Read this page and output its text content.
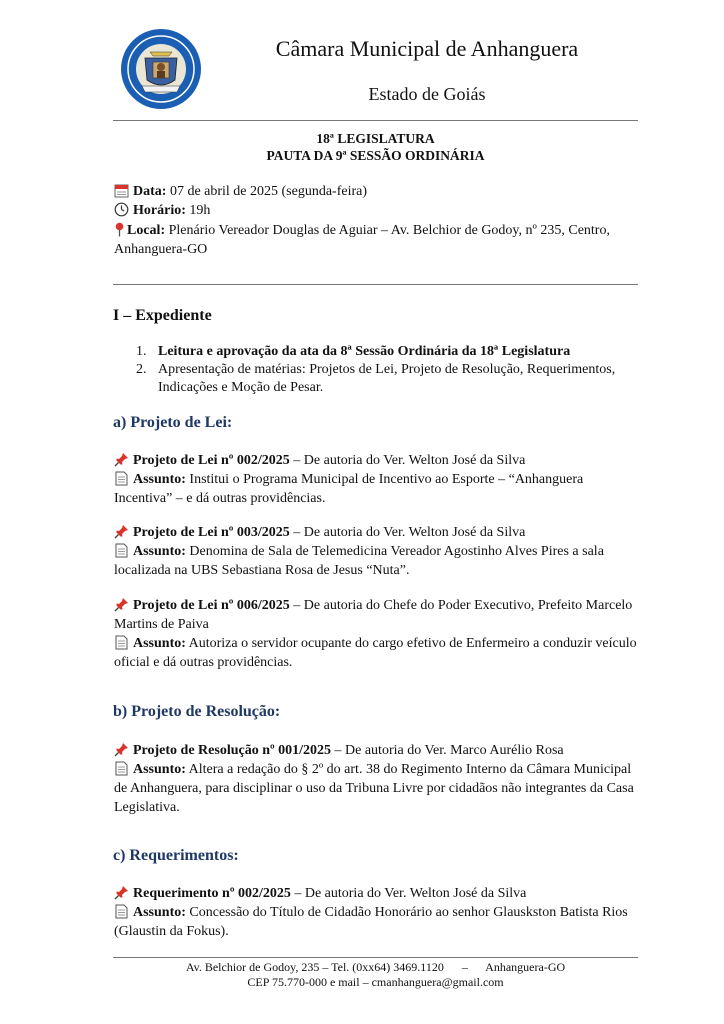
Câmara Municipal de Anhanguera
Estado de Goiás
18ª LEGISLATURA
PAUTA DA 9ª SESSÃO ORDINÁRIA
Data: 07 de abril de 2025 (segunda-feira)
Horário: 19h
Local: Plenário Vereador Douglas de Aguiar – Av. Belchior de Godoy, nº 235, Centro, Anhanguera-GO
I – Expediente
1. Leitura e aprovação da ata da 8ª Sessão Ordinária da 18ª Legislatura
2. Apresentação de matérias: Projetos de Lei, Projeto de Resolução, Requerimentos, Indicações e Moção de Pesar.
a) Projeto de Lei:
Projeto de Lei nº 002/2025 – De autoria do Ver. Welton José da Silva
Assunto: Institui o Programa Municipal de Incentivo ao Esporte – “Anhanguera Incentiva” – e dá outras providências.
Projeto de Lei nº 003/2025 – De autoria do Ver. Welton José da Silva
Assunto: Denomina de Sala de Telemedicina Vereador Agostinho Alves Pires a sala localizada na UBS Sebastiana Rosa de Jesus “Nuta”.
Projeto de Lei nº 006/2025 – De autoria do Chefe do Poder Executivo, Prefeito Marcelo Martins de Paiva
Assunto: Autoriza o servidor ocupante do cargo efetivo de Enfermeiro a conduzir veículo oficial e dá outras providências.
b) Projeto de Resolução:
Projeto de Resolução nº 001/2025 – De autoria do Ver. Marco Aurélio Rosa
Assunto: Altera a redação do § 2º do art. 38 do Regimento Interno da Câmara Municipal de Anhanguera, para disciplinar o uso da Tribuna Livre por cidadãos não integrantes da Casa Legislativa.
c) Requerimentos:
Requerimento nº 002/2025 – De autoria do Ver. Welton José da Silva
Assunto: Concessão do Título de Cidadão Honorário ao senhor Glauskston Batista Rios (Glaustin da Fokus).
Av. Belchior de Godoy, 235 – Tel. (0xx64) 3469.1120      –      Anhanguera-GO
CEP 75.770-000 e mail – cmanhanguera@gmail.com
